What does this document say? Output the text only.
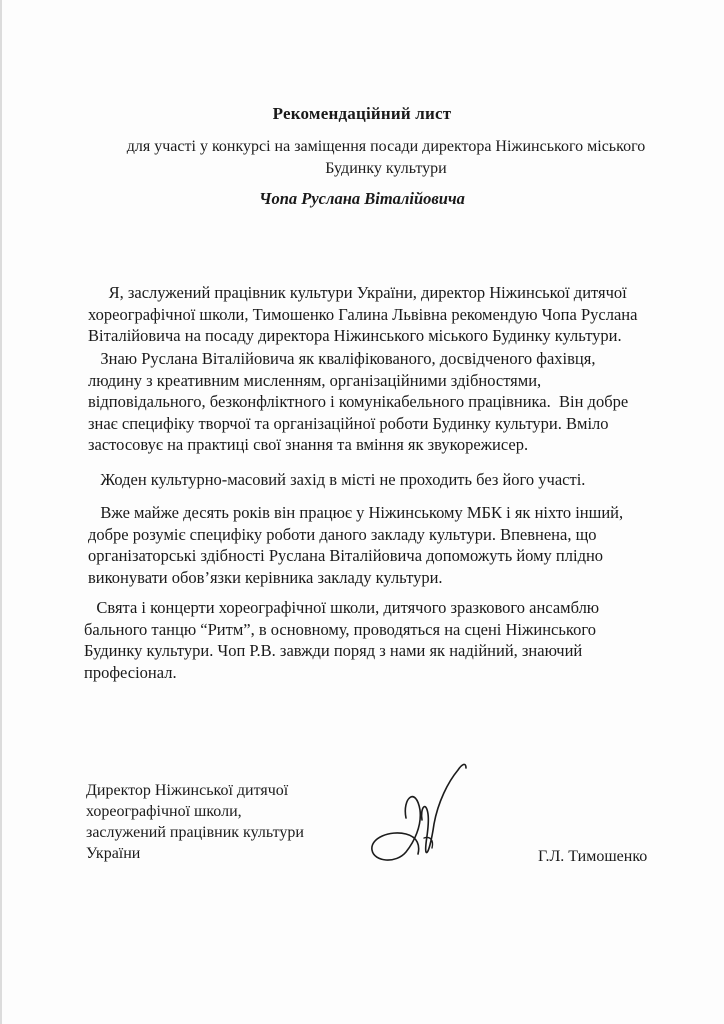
Рекомендаційний лист
для участі у конкурсі на заміщення посади директора Ніжинського міського
Будинку культури
Чопа Руслана Віталійовича

Я, заслужений працівник культури України, директор Ніжинської дитячої
хореографічної школи, Тимошенко Галина Львівна рекомендую Чопа Руслана
Віталійовича на посаду директора Ніжинського міського Будинку культури.

Знаю Руслана Віталійовича як кваліфікованого, досвідченого фахівця,
людину з креативним мисленням, організаційними здібностями,
відповідального, безконфліктного і комунікабельного працівника.  Він добре
знає специфіку творчої та організаційної роботи Будинку культури. Вміло
застосовує на практиці свої знання та вміння як звукорежисер.

Жоден культурно-масовий захід в місті не проходить без його участі.

Вже майже десять років він працює у Ніжинському МБК і як ніхто інший,
добре розуміє специфіку роботи даного закладу культури. Впевнена, що
організаторські здібності Руслана Віталійовича допоможуть йому плідно
виконувати обов’язки керівника закладу культури.

Свята і концерти хореографічної школи, дитячого зразкового ансамблю
бального танцю “Ритм”, в основному, проводяться на сцені Ніжинського
Будинку культури. Чоп Р.В. завжди поряд з нами як надійний, знаючий
професіонал.

Директор Ніжинської дитячої
хореографічної школи,
заслужений працівник культури
України	Г.Л. Тимошенко
